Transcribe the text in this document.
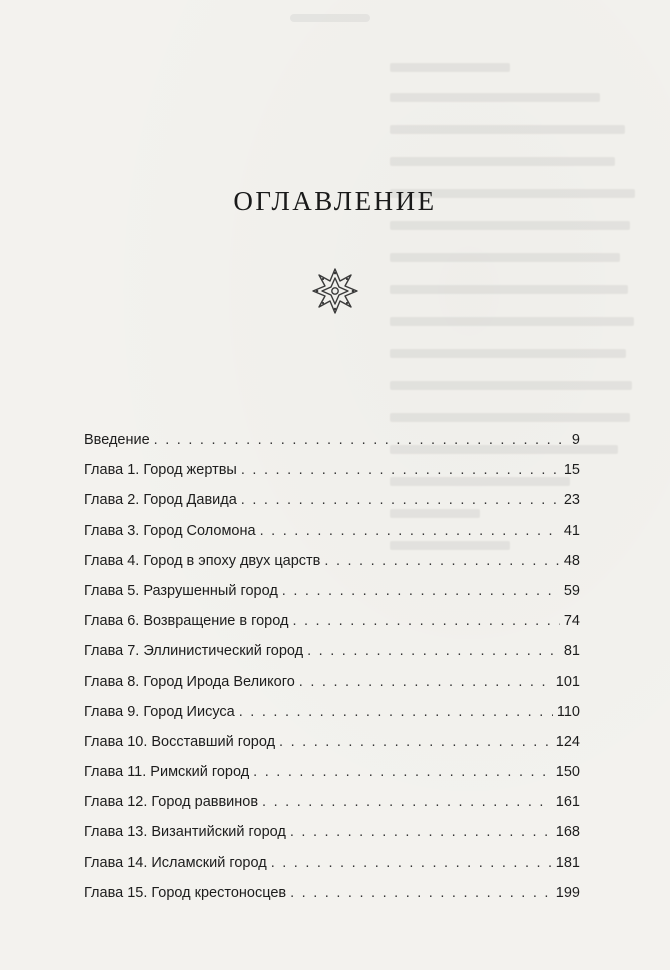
ОГЛАВЛЕНИЕ
Введение . . .	9
Глава 1. Город жертвы . . .	15
Глава 2. Город Давида . . .	23
Глава 3. Город Соломона . . .	41
Глава 4. Город в эпоху двух царств . . .	48
Глава 5. Разрушенный город . . .	59
Глава 6. Возвращение в город . . .	74
Глава 7. Эллинистический город . . .	81
Глава 8. Город Ирода Великого . . .	101
Глава 9. Город Иисуса . . .	110
Глава 10. Восставший город . . .	124
Глава 11. Римский город . . .	150
Глава 12. Город раввинов . . .	161
Глава 13. Византийский город . . .	168
Глава 14. Исламский город . . .	181
Глава 15. Город крестоносцев . . .	199
